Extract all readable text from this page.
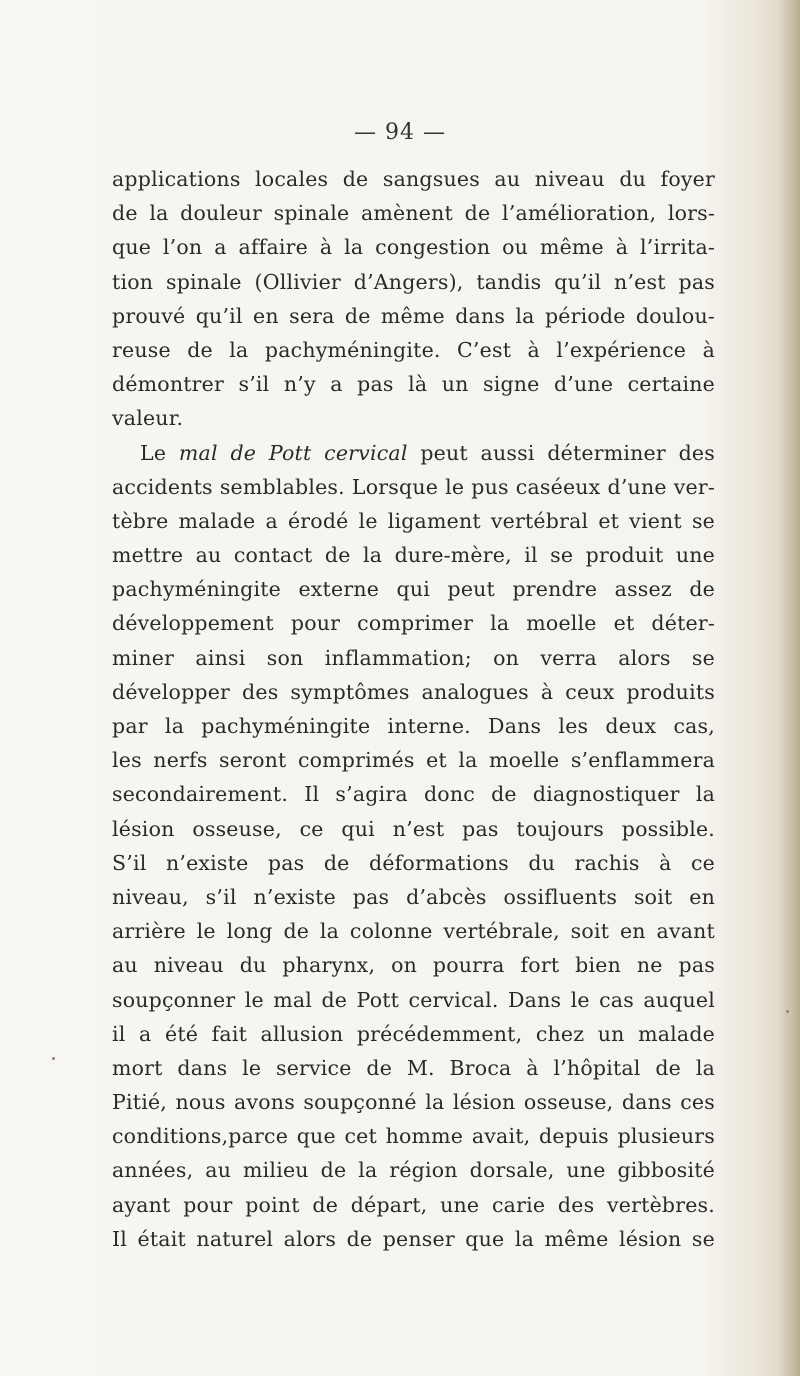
— 94 —
applications locales de sangsues au niveau du foyer
de la douleur spinale amènent de l’amélioration, lors-
que l’on a affaire à la congestion ou même à l’irrita-
tion spinale (Ollivier d’Angers), tandis qu’il n’est pas
prouvé qu’il en sera de même dans la période doulou-
reuse de la pachyméningite. C’est à l’expérience à
démontrer s’il n’y a pas là un signe d’une certaine
valeur.
Le mal de Pott cervical peut aussi déterminer des
accidents semblables. Lorsque le pus caséeux d’une ver-
tèbre malade a érodé le ligament vertébral et vient se
mettre au contact de la dure-mère, il se produit une
pachyméningite externe qui peut prendre assez de
développement pour comprimer la moelle et déter-
miner ainsi son inflammation; on verra alors se
développer des symptômes analogues à ceux produits
par la pachyméningite interne. Dans les deux cas,
les nerfs seront comprimés et la moelle s’enflammera
secondairement. Il s’agira donc de diagnostiquer la
lésion osseuse, ce qui n’est pas toujours possible.
S’il n’existe pas de déformations du rachis à ce
niveau, s’il n’existe pas d’abcès ossifluents soit en
arrière le long de la colonne vertébrale, soit en avant
au niveau du pharynx, on pourra fort bien ne pas
soupçonner le mal de Pott cervical. Dans le cas auquel
il a été fait allusion précédemment, chez un malade
mort dans le service de M. Broca à l’hôpital de la
Pitié, nous avons soupçonné la lésion osseuse, dans ces
conditions,parce que cet homme avait, depuis plusieurs
années, au milieu de la région dorsale, une gibbosité
ayant pour point de départ, une carie des vertèbres.
Il était naturel alors de penser que la même lésion se
